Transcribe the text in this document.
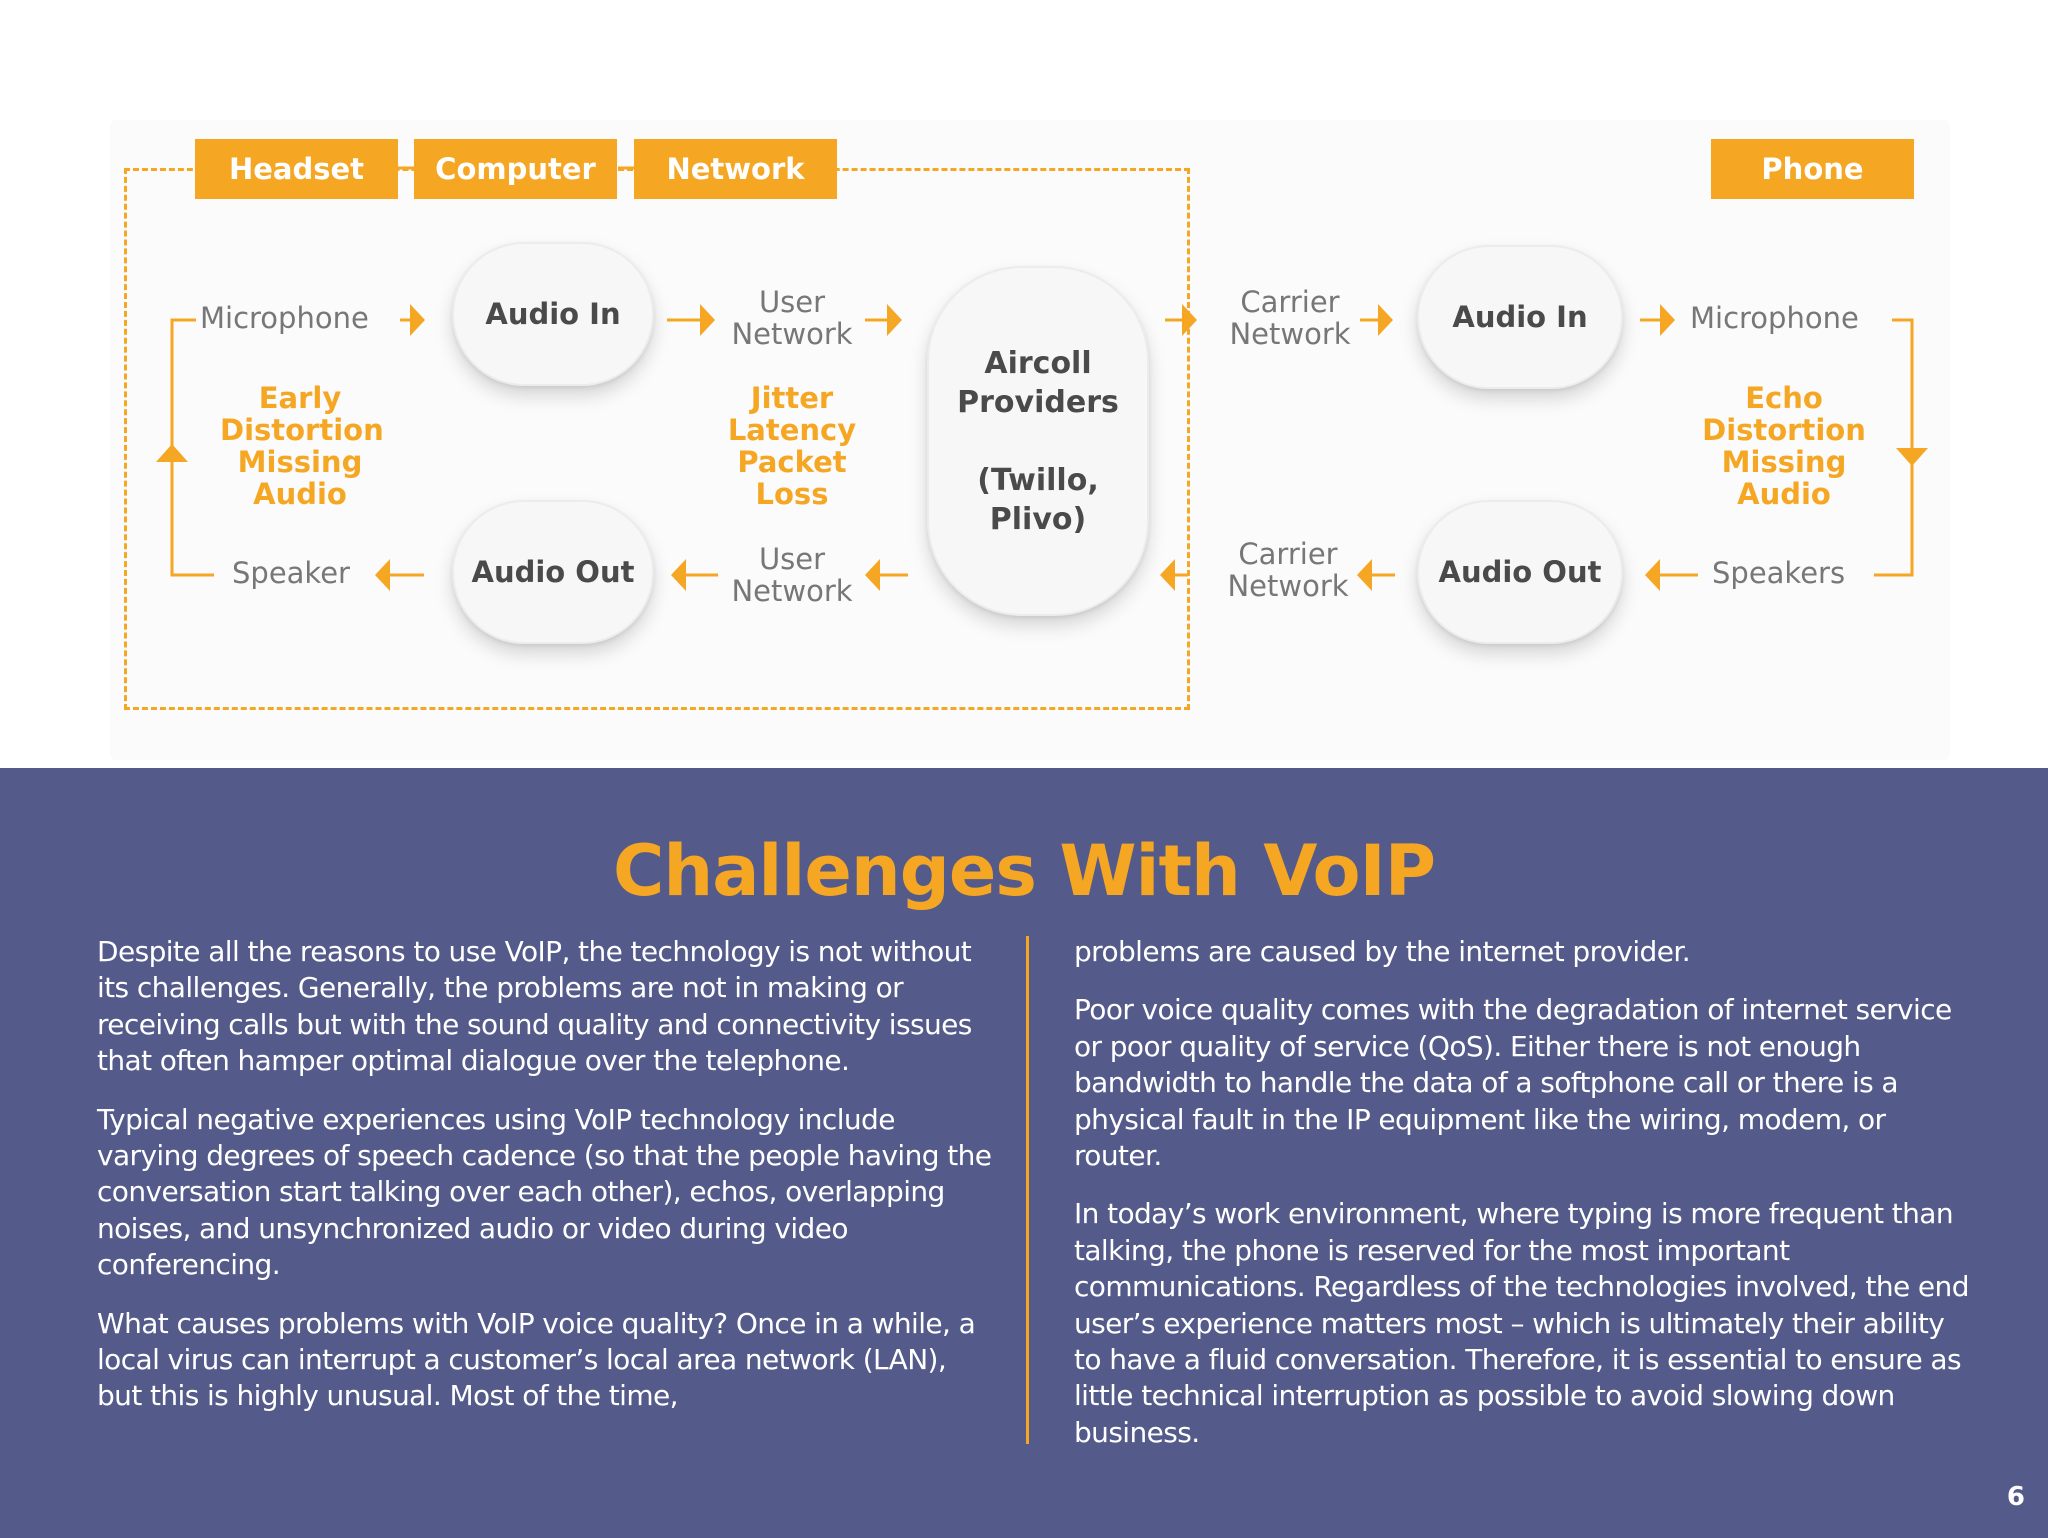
Headset	Computer	Network	Phone
Microphone
Speaker
Early
Distortion
Missing
Audio
Audio In
Audio Out
User
Network
User
Network
Jitter
Latency
Packet
Loss
Aircoll
Providers
(Twillo,
Plivo)
Carrier
Network
Carrier
Network
Audio In
Audio Out
Microphone
Speakers
Echo
Distortion
Missing
Audio
Challenges With VoIP

Despite all the reasons to use VoIP, the technology is not without its challenges. Generally, the problems are not in making or receiving calls but with the sound quality and connectivity issues that often hamper optimal dialogue over the telephone.

Typical negative experiences using VoIP technology include varying degrees of speech cadence (so that the people having the conversation start talking over each other), echos, overlapping noises, and unsynchronized audio or video during video conferencing.

What causes problems with VoIP voice quality? Once in a while, a local virus can interrupt a customer’s local area network (LAN), but this is highly unusual. Most of the time,

problems are caused by the internet provider.

Poor voice quality comes with the degradation of internet service or poor quality of service (QoS). Either there is not enough bandwidth to handle the data of a softphone call or there is a physical fault in the IP equipment like the wiring, modem, or router.

In today’s work environment, where typing is more frequent than talking, the phone is reserved for the most important communications. Regardless of the technologies involved, the end user’s experience matters most – which is ultimately their ability to have a fluid conversation. Therefore, it is essential to ensure as little technical interruption as possible to avoid slowing down business.

6
